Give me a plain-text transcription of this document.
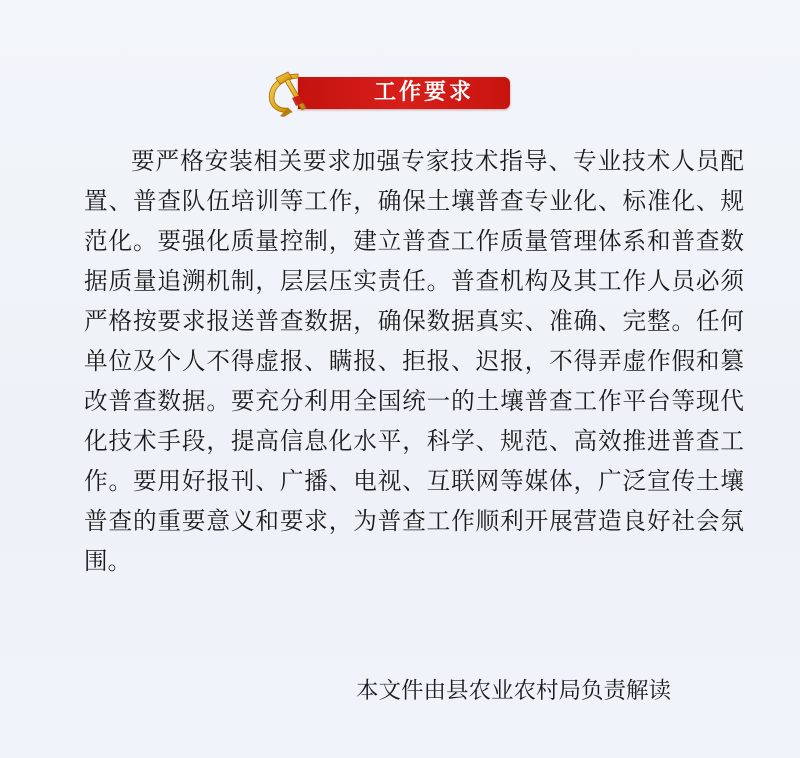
工作要求

要严格安装相关要求加强专家技术指导、专业技术人员配置、普查队伍培训等工作，确保土壤普查专业化、标准化、规范化。要强化质量控制，建立普查工作质量管理体系和普查数据质量追溯机制，层层压实责任。普查机构及其工作人员必须严格按要求报送普查数据，确保数据真实、准确、完整。任何单位及个人不得虚报、瞒报、拒报、迟报，不得弄虚作假和篡改普查数据。要充分利用全国统一的土壤普查工作平台等现代化技术手段，提高信息化水平，科学、规范、高效推进普查工作。要用好报刊、广播、电视、互联网等媒体，广泛宣传土壤普查的重要意义和要求，为普查工作顺利开展营造良好社会氛围。

本文件由县农业农村局负责解读
